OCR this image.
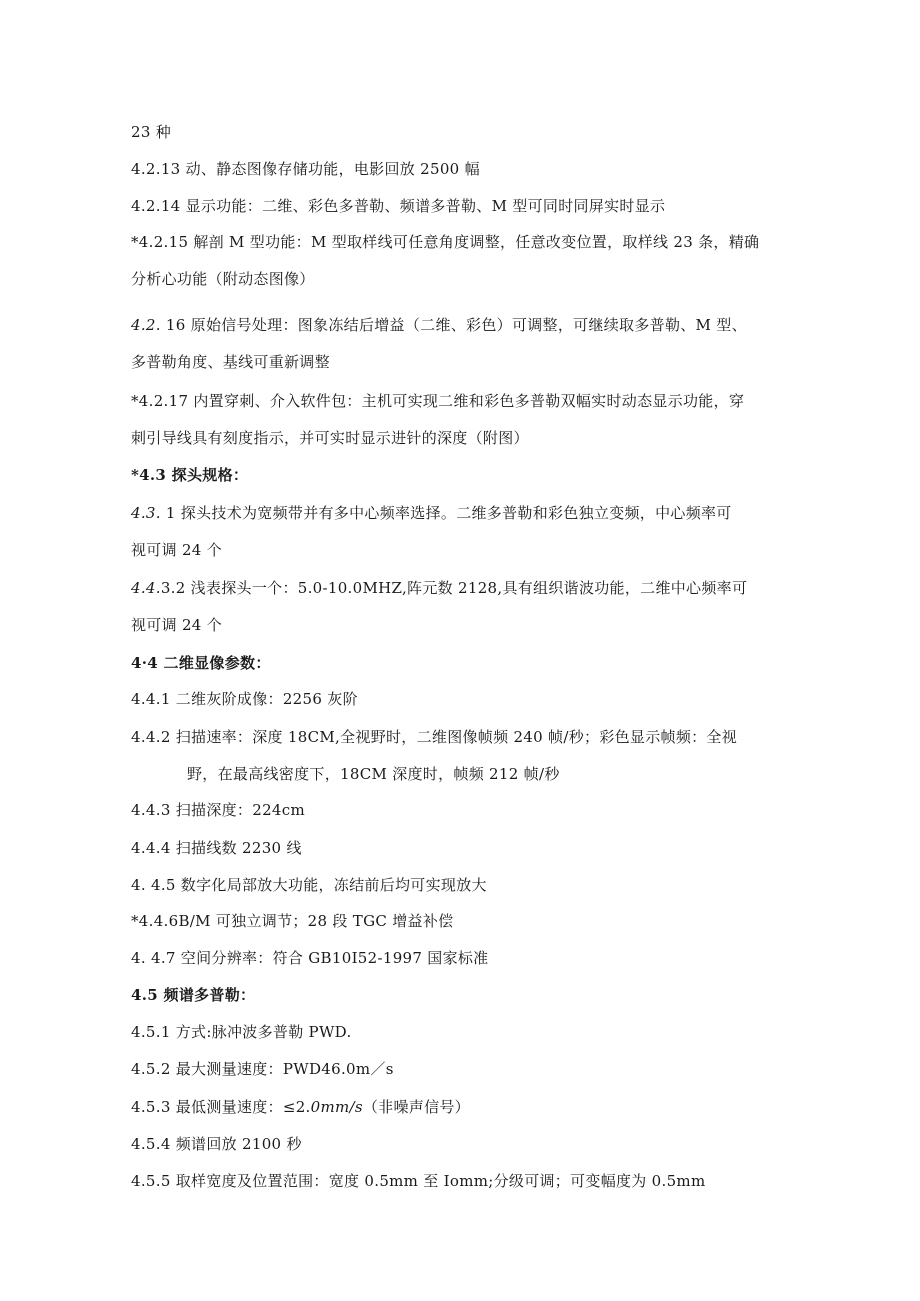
23 种
4.2.13 动、静态图像存储功能，电影回放 2500 幅
4.2.14 显示功能：二维、彩色多普勒、频谱多普勒、M 型可同时同屏实时显示
*4.2.15 解剖 M 型功能：M 型取样线可任意角度调整，任意改变位置，取样线 23 条，精确
分析心功能（附动态图像）
4.2. 16 原始信号处理：图象冻结后增益（二维、彩色）可调整，可继续取多普勒、M 型、
多普勒角度、基线可重新调整
*4.2.17 内置穿刺、介入软件包：主机可实现二维和彩色多普勒双幅实时动态显示功能，穿
刺引导线具有刻度指示，并可实时显示进针的深度（附图）
*4.3 探头规格：
4.3. 1 探头技术为宽频带并有多中心频率选择。二维多普勒和彩色独立变频，中心频率可
视可调 24 个
4.4.3.2 浅表探头一个：5.0-10.0MHZ,阵元数 2128,具有组织谐波功能，二维中心频率可
视可调 24 个
4·4 二维显像参数：
4.4.1 二维灰阶成像：2256 灰阶
4.4.2 扫描速率：深度 18CM,全视野时，二维图像帧频 240 帧/秒；彩色显示帧频：全视
野，在最高线密度下，18CM 深度时，帧频 212 帧/秒
4.4.3 扫描深度：224cm
4.4.4 扫描线数 2230 线
4. 4.5 数字化局部放大功能，冻结前后均可实现放大
*4.4.6B/M 可独立调节；28 段 TGC 增益补偿
4. 4.7 空间分辨率：符合 GB10I52-1997 国家标准
4.5 频谱多普勒：
4.5.1 方式:脉冲波多普勒 PWD.
4.5.2 最大测量速度：PWD46.0m／s
4.5.3 最低测量速度：≤2.0mm/s（非噪声信号）
4.5.4 频谱回放 2100 秒
4.5.5 取样宽度及位置范围：宽度 0.5mm 至 Iomm;分级可调；可变幅度为 0.5mm
